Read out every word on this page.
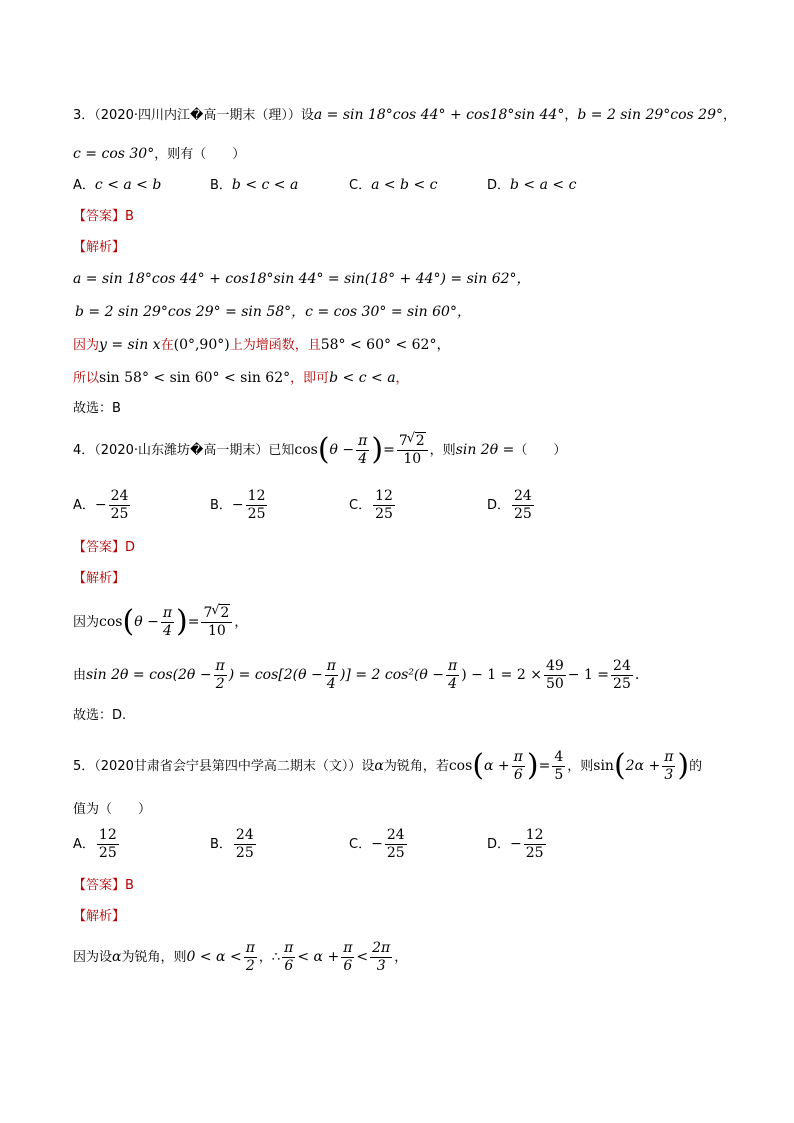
3．（2020·四川内江�高一期末（理））设a = sin 18°cos 44° + cos18°sin 44°，b = 2 sin 29°cos 29°，
c = cos 30°，则有（　　）
A．c < a < b	B．b < c < a	C．a < b < c	D．b < a < c
【答案】B
【解析】
a = sin 18°cos 44° + cos18°sin 44° = sin(18° + 44°) = sin 62°，
b = 2 sin 29°cos 29° = sin 58°，c = cos 30° = sin 60°，
因为y = sin x在(0°,90°)上为增函数，且58° < 60° < 62°，
所以sin 58° < sin 60° < sin 62°，即可b < c < a，
故选：B
4．（2020·山东潍坊�高一期末）已知$\cos(\theta - \frac{\pi}{4}$ )= $\frac{7 √ 2}{10}$ ，则sin 2θ =（　　）
A．− $\frac{24}{25}$	B．− $\frac{12}{25}$	C． $\frac{12}{25}$	D． $\frac{24}{25}$
【答案】D
【解析】
因为$\cos(\theta - \frac{\pi}{4}$ )= $\frac{7 √ 2}{10}$ ，
由$\sin 2\theta = \cos(2\theta - \frac{\pi}{2}$ ) = $\cos[2(\theta - \frac{\pi}{4}$ )] = 2 $\cos^2(\theta - \frac{\pi}{4}$ ) − $1 = 2 \times \frac{49}{50} - 1 = \frac{24}{25}$ .
故选：D.
5．（2020甘肃省会宁县第四中学高二期末（文））设α为锐角，若$\cos(\alpha + \frac{\pi}{6}$ )= $\frac{4}{5}$ ，则$\sin(2\alpha + \frac{\pi}{3}$ )的
值为（　　）
A． $\frac{12}{25}$	B． $\frac{24}{25}$	C．− $\frac{24}{25}$	D．− $\frac{12}{25}$
【答案】B
【解析】
因为设α为锐角，则$0 < \alpha < \frac{\pi}{2}$ ，∴ $\frac{\pi}{6} < \alpha + \frac{\pi}{6} < \frac{2\pi}{3}$ ，
